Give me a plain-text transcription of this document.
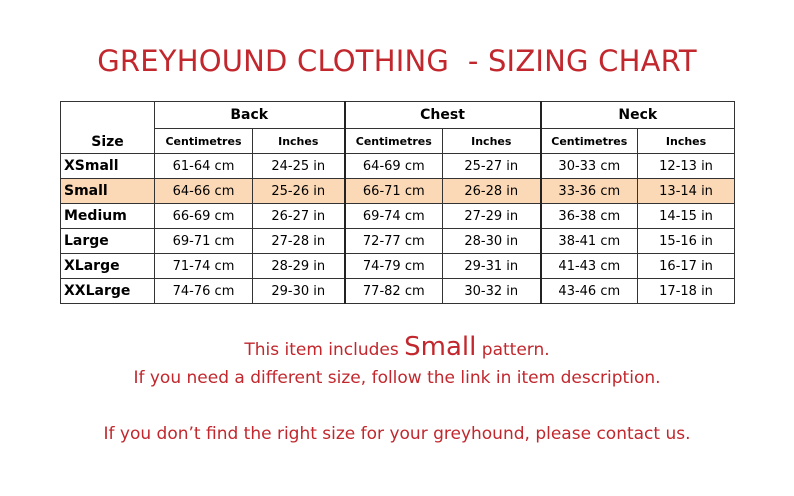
GREYHOUND CLOTHING  - SIZING CHART
Size	Back		Chest		Neck	
	Centimetres	Inches	Centimetres	Inches	Centimetres	Inches
XSmall	61-64 cm	24-25 in	64-69 cm	25-27 in	30-33 cm	12-13 in
Small	64-66 cm	25-26 in	66-71 cm	26-28 in	33-36 cm	13-14 in
Medium	66-69 cm	26-27 in	69-74 cm	27-29 in	36-38 cm	14-15 in
Large	69-71 cm	27-28 in	72-77 cm	28-30 in	38-41 cm	15-16 in
XLarge	71-74 cm	28-29 in	74-79 cm	29-31 in	41-43 cm	16-17 in
XXLarge	74-76 cm	29-30 in	77-82 cm	30-32 in	43-46 cm	17-18 in
This item includes Small pattern.
If you need a different size, follow the link in item description.
If you don’t find the right size for your greyhound, please contact us.
